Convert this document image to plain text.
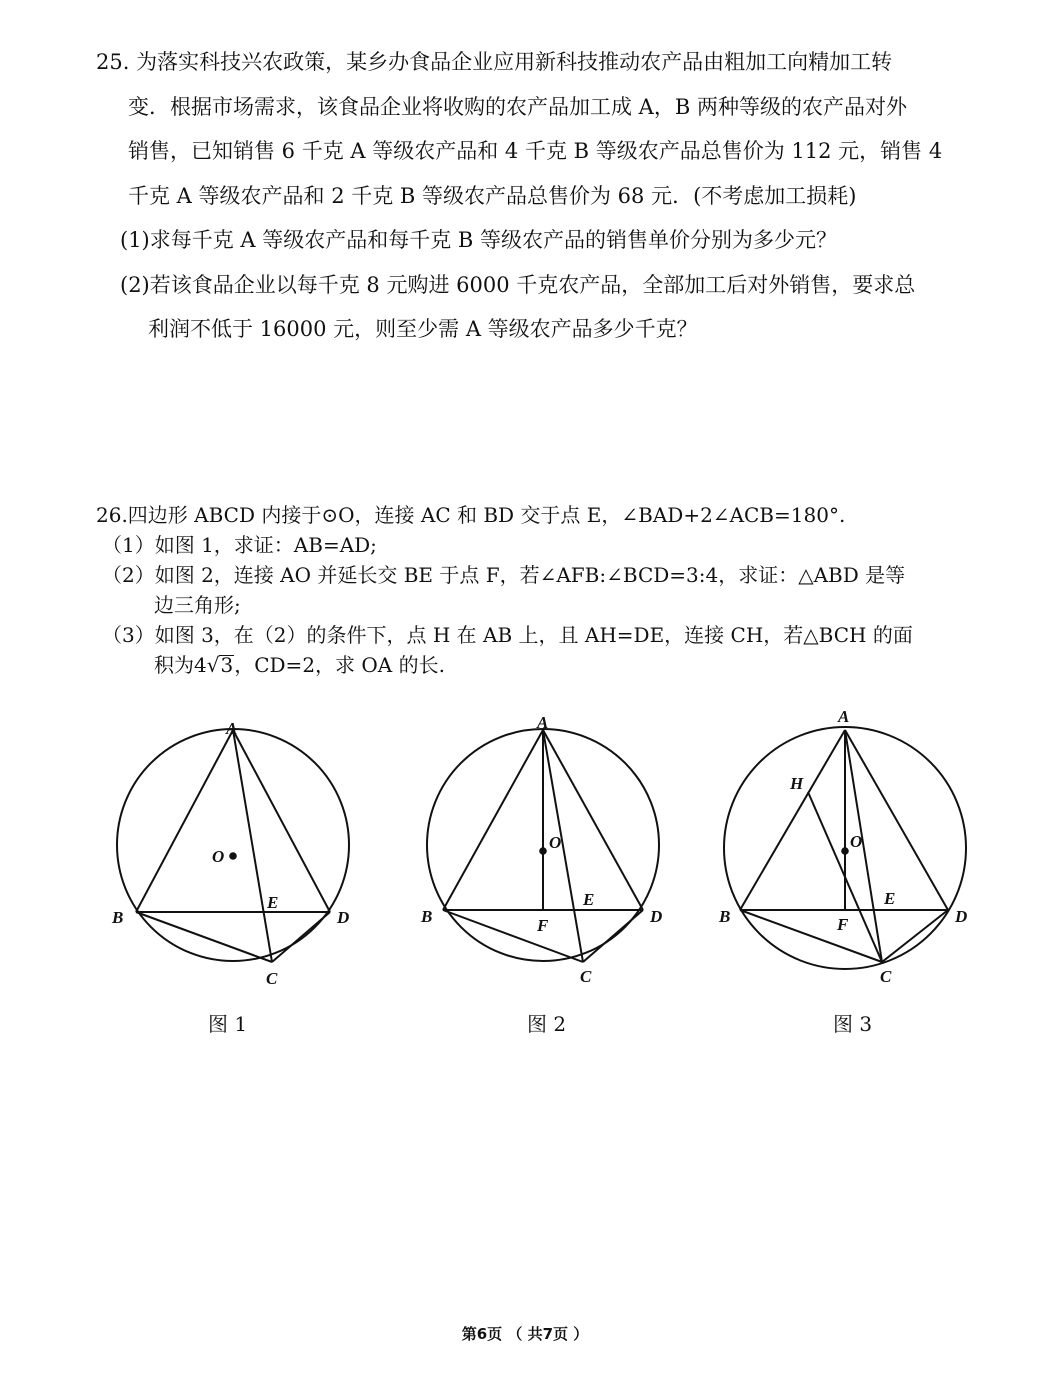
25. 为落实科技兴农政策，某乡办食品企业应用新科技推动农产品由粗加工向精加工转
变．根据市场需求，该食品企业将收购的农产品加工成 A，B 两种等级的农产品对外
销售，已知销售 6 千克 A 等级农产品和 4 千克 B 等级农产品总售价为 112 元，销售 4
千克 A 等级农产品和 2 千克 B 等级农产品总售价为 68 元．(不考虑加工损耗)
(1)求每千克 A 等级农产品和每千克 B 等级农产品的销售单价分别为多少元？
(2)若该食品企业以每千克 8 元购进 6000 千克农产品，全部加工后对外销售，要求总
利润不低于 16000 元，则至少需 A 等级农产品多少千克？
26.四边形 ABCD 内接于⊙O，连接 AC 和 BD 交于点 E，∠BAD+2∠ACB=180°.
（1）如图 1，求证：AB=AD;
（2）如图 2，连接 AO 并延长交 BE 于点 F，若∠AFB:∠BCD=3:4，求证：△ABD 是等
边三角形;
（3）如图 3，在（2）的条件下，点 H 在 AB 上，且 AH=DE，连接 CH，若△BCH 的面
积为4√3，CD=2，求 OA 的长.
A
B
C
D
E
O
A
B
C
D
E
F
O
A
B
C
D
E
F
H
O
图 1	图 2	图 3
第6页 （ 共7页 ）
